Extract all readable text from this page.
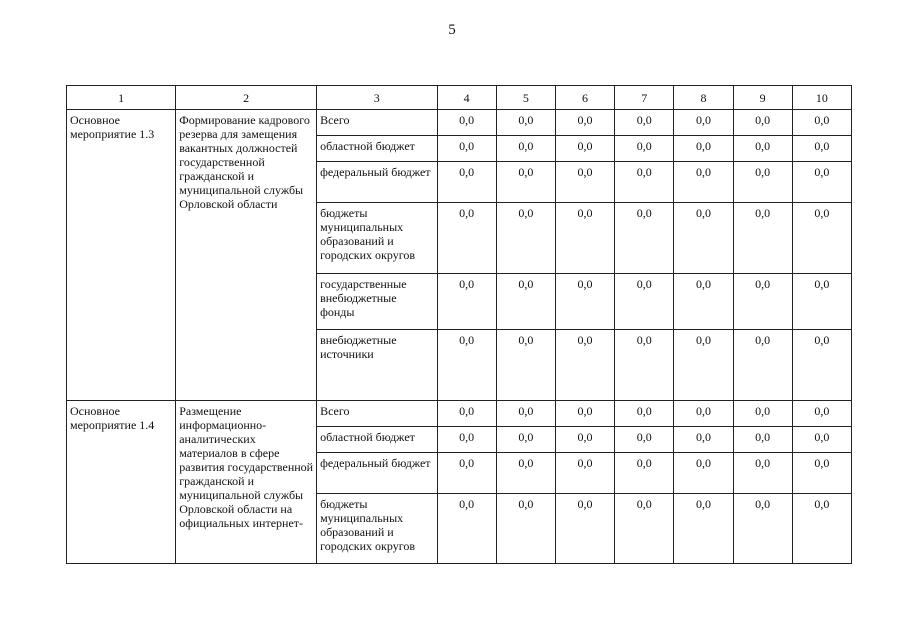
5
1	2	3	4	5	6	7	8	9	10
Основное мероприятие 1.3	Формирование кадрового резерва для замещения вакантных должностей государственной гражданской и муниципальной службы Орловской области	Всего	0,0	0,0	0,0	0,0	0,0	0,0	0,0
		областной бюджет	0,0	0,0	0,0	0,0	0,0	0,0	0,0
		федеральный бюджет	0,0	0,0	0,0	0,0	0,0	0,0	0,0
		бюджеты муниципальных образований и городских округов	0,0	0,0	0,0	0,0	0,0	0,0	0,0
		государственные внебюджетные фонды	0,0	0,0	0,0	0,0	0,0	0,0	0,0
		внебюджетные источники	0,0	0,0	0,0	0,0	0,0	0,0	0,0
Основное мероприятие 1.4	Размещение информационно-аналитических материалов в сфере развития государственной гражданской и муниципальной службы Орловской области на официальных интернет-	Всего	0,0	0,0	0,0	0,0	0,0	0,0	0,0
		областной бюджет	0,0	0,0	0,0	0,0	0,0	0,0	0,0
		федеральный бюджет	0,0	0,0	0,0	0,0	0,0	0,0	0,0
		бюджеты муниципальных образований и городских округов	0,0	0,0	0,0	0,0	0,0	0,0	0,0
